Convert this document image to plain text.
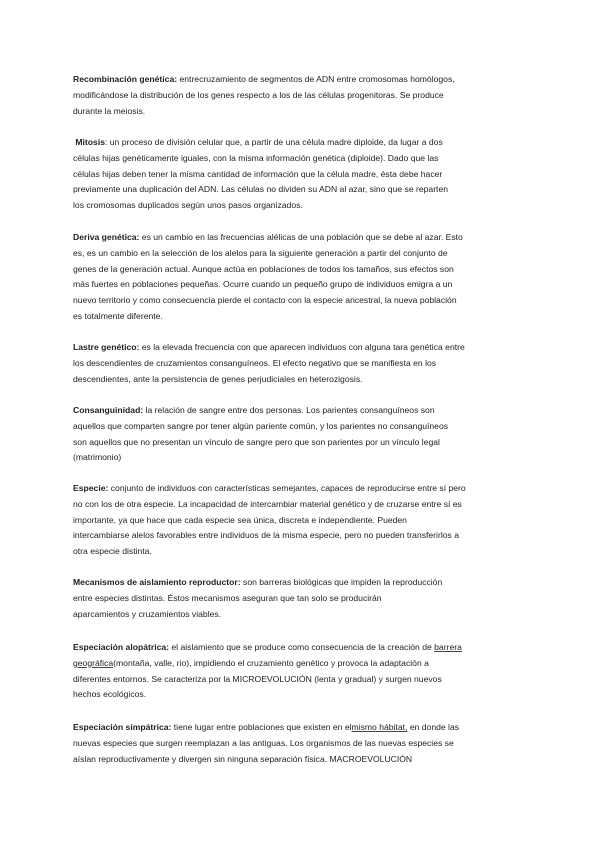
Recombinación genética: entrecruzamiento de segmentos de ADN entre cromosomas homólogos,
modificándose la distribución de los genes respecto a los de las células progenitoras. Se produce
durante la meiosis.

Mitosis: un proceso de división celular que, a partir de una célula madre diploide, da lugar a dos
células hijas genéticamente iguales, con la misma información genética (diploide). Dado que las
células hijas deben tener la misma cantidad de información que la célula madre, ésta debe hacer
previamente una duplicación del ADN. Las células no dividen su ADN al azar, sino que se reparten
los cromosomas duplicados según unos pasos organizados.

Deriva genética: es un cambio en las frecuencias alélicas de una población que se debe al azar. Esto
es, es un cambio en la selección de los alelos para la siguiente generación a partir del conjunto de
genes de la generación actual. Aunque actúa en poblaciones de todos los tamaños, sus efectos son
más fuertes en poblaciones pequeñas. Ocurre cuando un pequeño grupo de individuos emigra a un
nuevo territorio y como consecuencia pierde el contacto con la especie ancestral, la nueva población
es totalmente diferente.

Lastre genético: es la elevada frecuencia con que aparecen individuos con alguna tara genética entre
los descendientes de cruzamientos consanguíneos. El efecto negativo que se manifiesta en los
descendientes, ante la persistencia de genes perjudiciales en heterozigosis.

Consanguinidad: la relación de sangre entre dos personas. Los parientes consanguíneos son
aquellos que comparten sangre por tener algún pariente común, y los parientes no consanguíneos
son aquellos que no presentan un vínculo de sangre pero que son parientes por un vínculo legal
(matrimonio)

Especie: conjunto de individuos con características semejantes, capaces de reproducirse entre sí pero
no con los de otra especie. La incapacidad de intercambiar material genético y de cruzarse entre sí es
importante, ya que hace que cada especie sea única, discreta e independiente. Pueden
intercambiarse alelos favorables entre individuos de la misma especie, pero no pueden transferirlos a
otra especie distinta.

Mecanismos de aislamiento reproductor: son barreras biológicas que impiden la reproducción
entre especies distintas. Éstos mecanismos aseguran que tan solo se producirán
aparcamientos y cruzamientos viables.

Especiación alopátrica: el aislamiento que se produce como consecuencia de la creación de barrera
geográfica(montaña, valle, rio), impidiendo el cruzamiento genético y provoca la adaptación a
diferentes entornos. Se caracteriza por la MICROEVOLUCIÓN (lenta y gradual) y surgen nuevos
hechos ecológicos.

Especiación simpátrica: tiene lugar entre poblaciones que existen en elmismo hábitat, en donde las
nuevas especies que surgen reemplazan a las antiguas. Los organismos de las nuevas especies se
aíslan reproductivamente y divergen sin ninguna separación física. MACROEVOLUCIÓN
